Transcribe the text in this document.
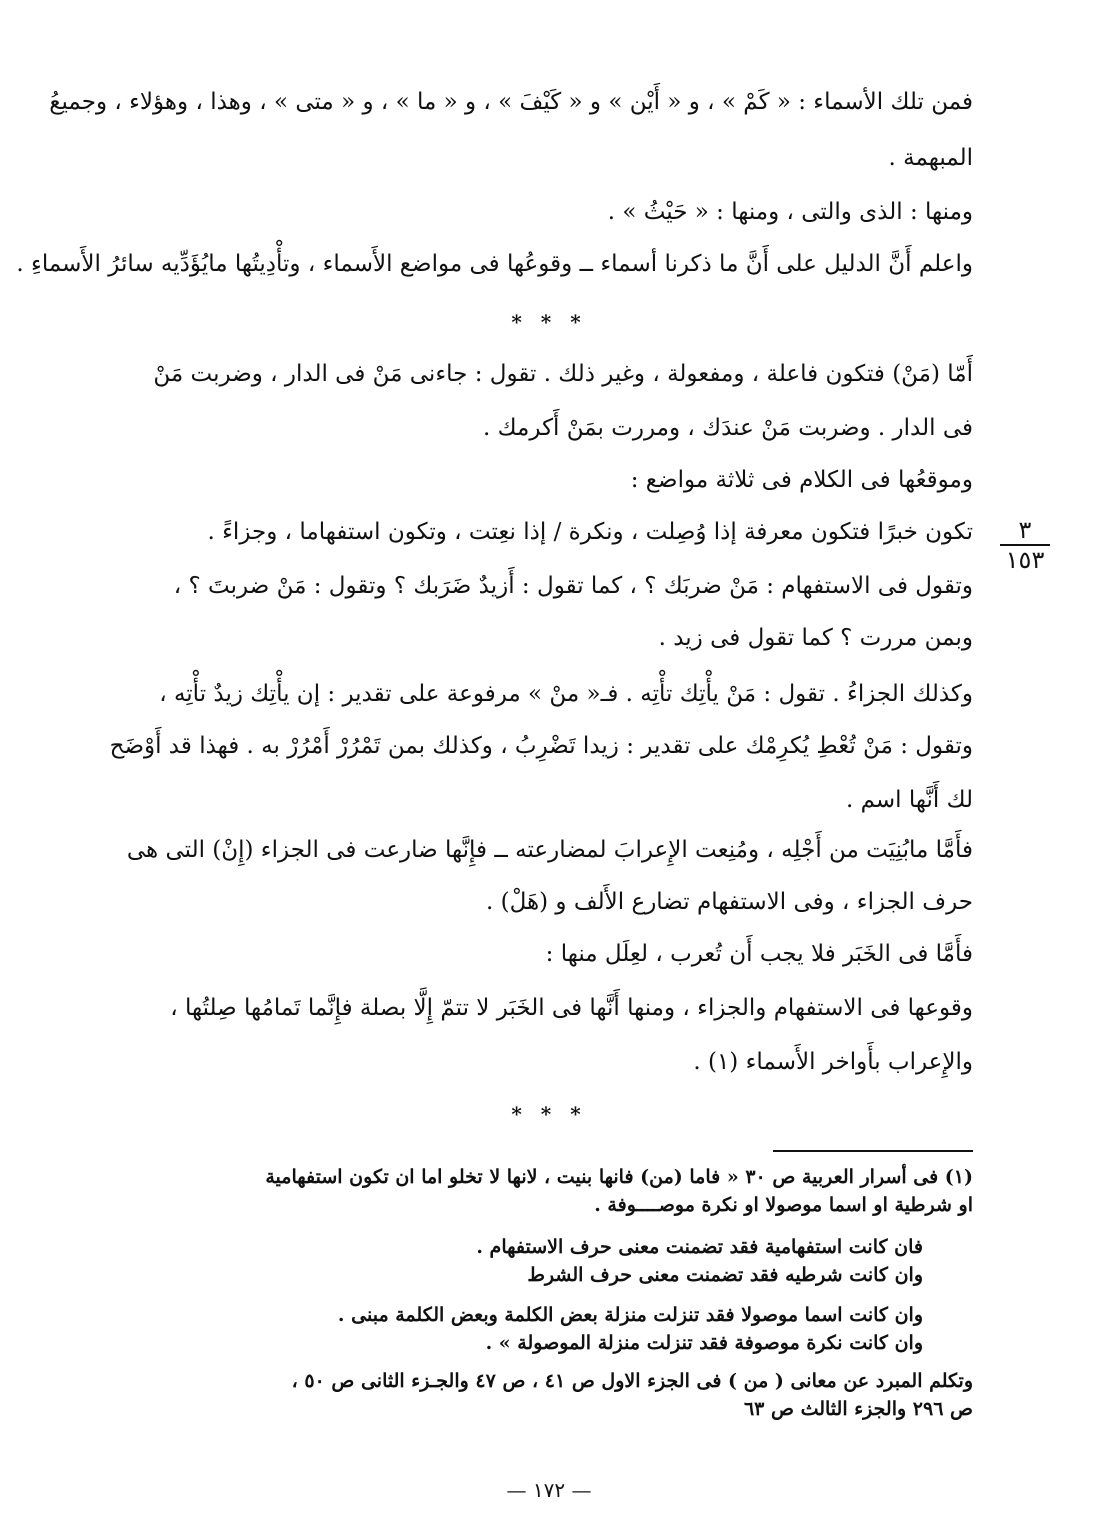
فمن تلك الأسماء : « كَمْ » ، و « أَيْن » و « كَيْفَ » ، و « ما » ، و « متى » ، وهذا ، وهؤلاء ، وجميعُ
المبهمة .
ومنها : الذى والتى ، ومنها : « حَيْثُ » .
واعلم أَنَّ الدليل على أَنَّ ما ذكرنا أسماء ــ وقوعُها فى مواضع الأَسماء ، وتأْدِيتُها مايُؤَدِّيه سائرُ الأَسماءِ .
* * *
أَمّا (مَنْ) فتكون فاعلة ، ومفعولة ، وغير ذلك . تقول : جاءنى مَنْ فى الدار ، وضربت مَنْ
فى الدار . وضربت مَنْ عندَك ، ومررت بمَنْ أَكرمك .
وموقعُها فى الكلام فى ثلاثة مواضع :
تكون خبرًا فتكون معرفة إذا وُصِلت ، ونكرة / إذا نعِتت ، وتكون استفهاما ، وجزاءً .
وتقول فى الاستفهام : مَنْ ضربَك ؟ ، كما تقول : أَزيدٌ ضَرَبك ؟ وتقول : مَنْ ضربتَ ؟ ،
وبمن مررت ؟ كما تقول فى زيد .
وكذلك الجزاءُ . تقول : مَنْ يأْتِك تأْتِه . فـ« منْ » مرفوعة على تقدير : إن يأْتِك زيدٌ تأْتِه ،
وتقول : مَنْ تُعْطِ يُكرِمْك على تقدير : زيدا تَضْرِبُ ، وكذلك بمن تَمْرُرْ أَمْرُرْ به . فهذا قد أَوْضَح
لك أَنَّها اسم .
فأَمَّا مابُنِيَت من أَجْلِه ، ومُنِعت الإِعرابَ لمضارعته ــ فإِنَّها ضارعت فى الجزاء (إِنْ) التى هى
حرف الجزاء ، وفى الاستفهام تضارع الأَلف و (هَلْ) .
فأَمَّا فى الخَبَر فلا يجب أَن تُعرب ، لعِلَل منها :
وقوعها فى الاستفهام والجزاء ، ومنها أَنَّها فى الخَبَر لا تتمّ إِلَّا بصلة فإِنَّما تَمامُها صِلتُها ،
والإِعراب بأَواخر الأَسماء (١) .
٣
١٥٣
* * *
(١) فى أسرار العربية ص ٣٠ « فاما (من) فانها بنيت ، لانها لا تخلو اما ان تكون استفهامية
او شرطية او اسما موصولا او نكرة موصــــوفة .
فان كانت استفهامية فقد تضمنت معنى حرف الاستفهام .
وان كانت شرطيه فقد تضمنت معنى حرف الشرط
وان كانت اسما موصولا فقد تنزلت منزلة بعض الكلمة وبعض الكلمة مبنى .
وان كانت نكرة موصوفة فقد تنزلت منزلة الموصولة » .
وتكلم المبرد عن معانى ( من ) فى الجزء الاول ص ٤١ ، ص ٤٧ والجـزء الثانى ص ٥٠ ،
ص ٢٩٦ والجزء الثالث ص ٦٣
— ١٧٢ —
